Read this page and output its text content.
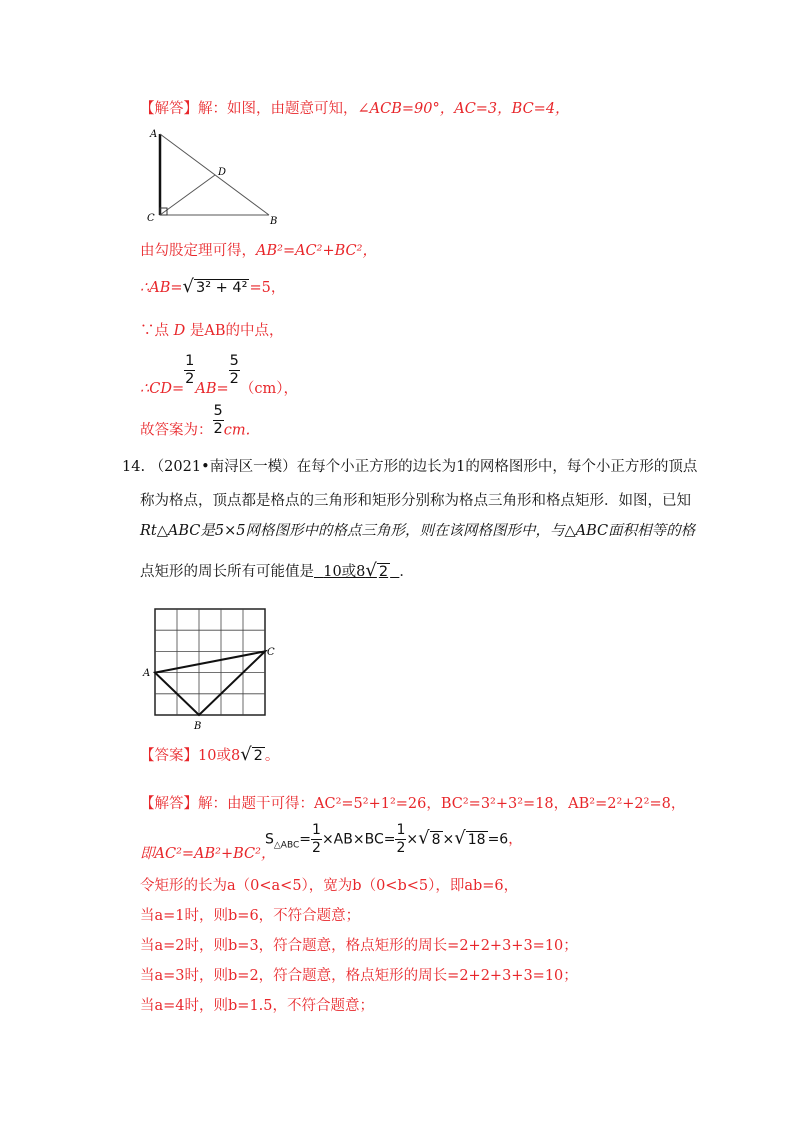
【解答】解：如图，由题意可知，∠ACB=90°，AC=3，BC=4，
A
D
C	B
由勾股定理可得，AB²=AC²+BC²，
∴AB=√ 3² + 4² =5，
∵点 D 是AB的中点，
∴CD=
$\frac{1}{2}$
AB=
$\frac{5}{2}$
（cm），
故答案为： $\frac{5}{2}$ cm.
14. （2021•南浔区一模）在每个小正方形的边长为1的网格图形中，每个小正方形的顶点
称为格点，顶点都是格点的三角形和矩形分别称为格点三角形和格点矩形．如图，已知
Rt△ABC是5×5网格图形中的格点三角形，则在该网格图形中，与△ABC面积相等的格
点矩形的周长所有可能值是 10或8√ 2 ．
A
B
C
【答案】10或8√ 2 。
【解答】解：由题干可得：AC²=5²+1²=26，BC²=3²+3²=18，AB²=2²+2²=8，
即AC²=AB²+BC²，
$S_{\triangle ABC}= \frac{1}{2} \times AB\times BC= \frac{1}{2}$ ×√ 8 ×√ 18 =6，
令矩形的长为a（0<a<5），宽为b（0<b<5），即ab=6，
当a=1时，则b=6，不符合题意；
当a=2时，则b=3，符合题意，格点矩形的周长=2+2+3+3=10；
当a=3时，则b=2，符合题意，格点矩形的周长=2+2+3+3=10；
当a=4时，则b=1.5，不符合题意；
